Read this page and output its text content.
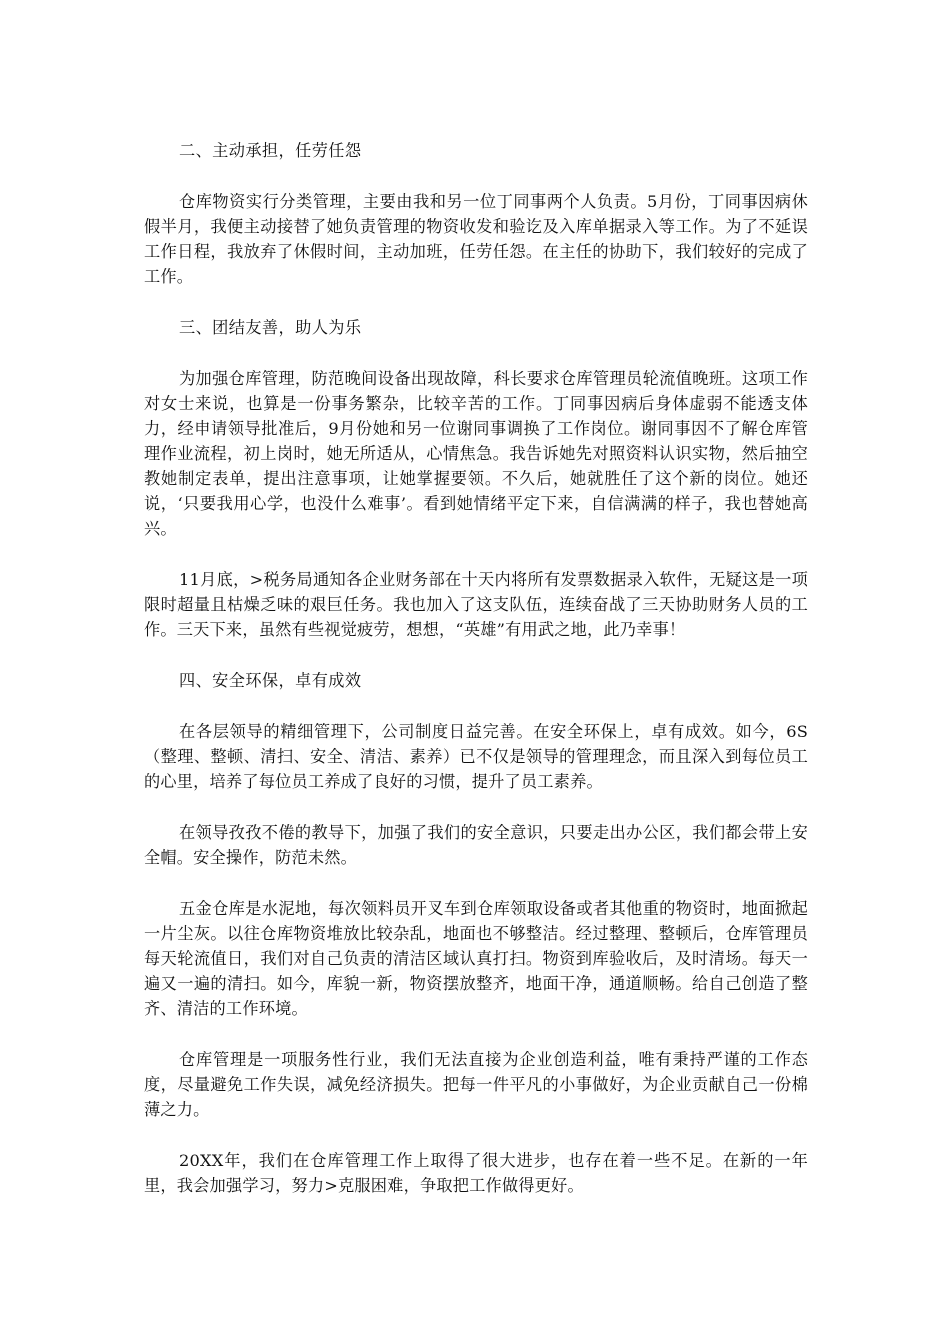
二、主动承担，任劳任怨

仓库物资实行分类管理，主要由我和另一位丁同事两个人负责。5月份，丁同事因病休假半月，我便主动接替了她负责管理的物资收发和验讫及入库单据录入等工作。为了不延误工作日程，我放弃了休假时间，主动加班，任劳任怨。在主任的协助下，我们较好的完成了工作。

三、团结友善，助人为乐

为加强仓库管理，防范晚间设备出现故障，科长要求仓库管理员轮流值晚班。这项工作对女士来说，也算是一份事务繁杂，比较辛苦的工作。丁同事因病后身体虚弱不能透支体力，经申请领导批准后，9月份她和另一位谢同事调换了工作岗位。谢同事因不了解仓库管理作业流程，初上岗时，她无所适从，心情焦急。我告诉她先对照资料认识实物，然后抽空教她制定表单，提出注意事项，让她掌握要领。不久后，她就胜任了这个新的岗位。她还说，‘只要我用心学，也没什么难事’。看到她情绪平定下来，自信满满的样子，我也替她高兴。

11月底，>税务局通知各企业财务部在十天内将所有发票数据录入软件，无疑这是一项限时超量且枯燥乏味的艰巨任务。我也加入了这支队伍，连续奋战了三天协助财务人员的工作。三天下来，虽然有些视觉疲劳，想想，“英雄”有用武之地，此乃幸事！

四、安全环保，卓有成效

在各层领导的精细管理下，公司制度日益完善。在安全环保上，卓有成效。如今，6S（整理、整顿、清扫、安全、清洁、素养）已不仅是领导的管理理念，而且深入到每位员工的心里，培养了每位员工养成了良好的习惯，提升了员工素养。

在领导孜孜不倦的教导下，加强了我们的安全意识，只要走出办公区，我们都会带上安全帽。安全操作，防范未然。

五金仓库是水泥地，每次领料员开叉车到仓库领取设备或者其他重的物资时，地面掀起一片尘灰。以往仓库物资堆放比较杂乱，地面也不够整洁。经过整理、整顿后，仓库管理员每天轮流值日，我们对自己负责的清洁区域认真打扫。物资到库验收后，及时清场。每天一遍又一遍的清扫。如今，库貌一新，物资摆放整齐，地面干净，通道顺畅。给自己创造了整齐、清洁的工作环境。

仓库管理是一项服务性行业，我们无法直接为企业创造利益，唯有秉持严谨的工作态度，尽量避免工作失误，减免经济损失。把每一件平凡的小事做好，为企业贡献自己一份棉薄之力。

20XX年，我们在仓库管理工作上取得了很大进步，也存在着一些不足。在新的一年里，我会加强学习，努力>克服困难，争取把工作做得更好。
